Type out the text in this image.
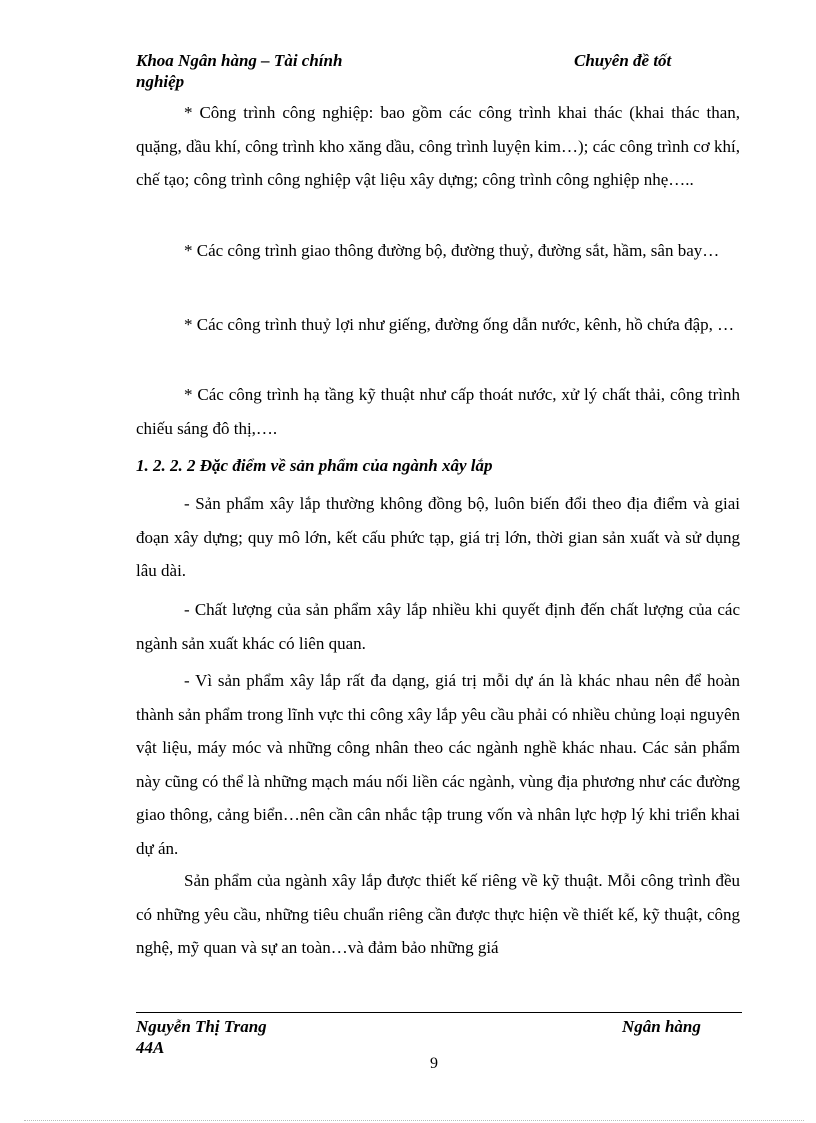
Khoa Ngân hàng – Tài chính	Chuyên đề tốt
nghiệp

* Công trình công nghiệp: bao gồm các công trình khai thác (khai thác than, quặng, dầu khí, công trình kho xăng dầu, công trình luyện kim…); các công trình cơ khí, chế tạo; công trình công nghiệp vật liệu xây dựng; công trình công nghiệp nhẹ…..

* Các công trình giao thông đường bộ, đường thuỷ, đường sắt, hầm, sân bay…

* Các công trình thuỷ lợi như giếng, đường ống dẫn nước, kênh, hồ chứa đập, …

* Các công trình hạ tầng kỹ thuật như cấp thoát nước, xử lý chất thải, công trình chiếu sáng đô thị,….

1. 2. 2. 2 Đặc điểm về sản phẩm của ngành xây lắp

- Sản phẩm xây lắp thường không đồng bộ, luôn biến đổi theo địa điểm và giai đoạn xây dựng; quy mô lớn, kết cấu phức tạp, giá trị lớn, thời gian sản xuất và sử dụng lâu dài.

- Chất lượng của sản phẩm xây lắp nhiều khi quyết định đến chất lượng của các ngành sản xuất khác có liên quan.

- Vì sản phẩm xây lắp rất đa dạng, giá trị mỗi dự án là khác nhau nên để hoàn thành sản phẩm trong lĩnh vực thi công xây lắp yêu cầu phải có nhiều chủng loại nguyên vật liệu, máy móc và những công nhân theo các ngành nghề khác nhau. Các sản phẩm này cũng có thể là những mạch máu nối liền các ngành, vùng địa phương như các đường giao thông, cảng biển…nên cần cân nhắc tập trung vốn và nhân lực hợp lý khi triển khai dự án.

Sản phẩm của ngành xây lắp được thiết kế riêng về kỹ thuật. Mỗi công trình đều có những yêu cầu, những tiêu chuẩn riêng cần được thực hiện về thiết kế, kỹ thuật, công nghệ, mỹ quan và sự an toàn…và đảm bảo những giá

Nguyễn Thị Trang	Ngân hàng
44A
9
